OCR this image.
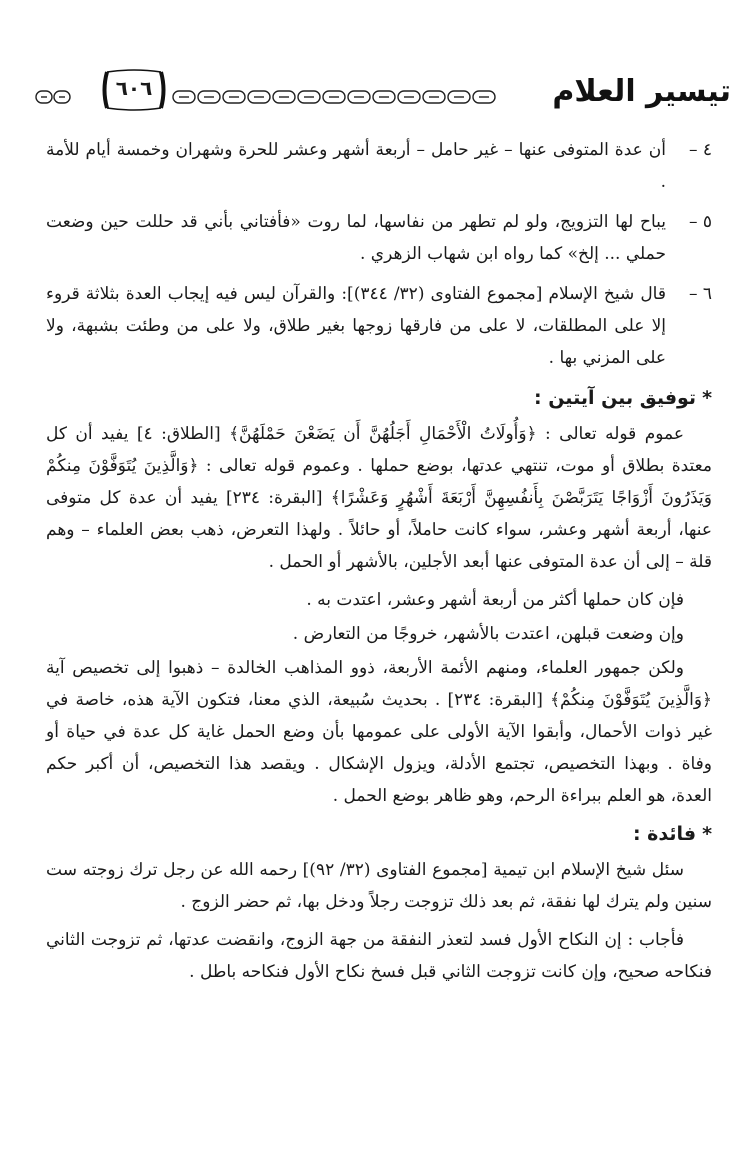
تيسير العلام
٦٠٦
٤ –
أن عدة المتوفى عنها – غير حامل – أربعة أشهر وعشر للحرة وشهران وخمسة أيام للأمة .
٥ –
يباح لها التزويج، ولو لم تطهر من نفاسها، لما روت «فأفتاني بأني قد حللت حين وضعت حملي ... إلخ» كما رواه ابن شهاب الزهري .
٦ –
قال شيخ الإسلام [مجموع الفتاوى (٣٢/ ٣٤٤)]: والقرآن ليس فيه إيجاب العدة بثلاثة قروء إلا على المطلقات، لا على من فارقها زوجها بغير طلاق، ولا على من وطئت بشبهة، ولا على المزني بها .
*توفيق بين آيتين :

عموم قوله تعالى : ﴿وَأُولَاتُ الْأَحْمَالِ أَجَلُهُنَّ أَن يَضَعْنَ حَمْلَهُنَّ﴾ [الطلاق: ٤] يفيد أن كل معتدة بطلاق أو موت، تنتهي عدتها، بوضع حملها . وعموم قوله تعالى : ﴿وَالَّذِينَ يُتَوَفَّوْنَ مِنكُمْ وَيَذَرُونَ أَزْوَاجًا يَتَرَبَّصْنَ بِأَنفُسِهِنَّ أَرْبَعَةَ أَشْهُرٍ وَعَشْرًا﴾ [البقرة: ٢٣٤] يفيد أن عدة كل متوفى عنها، أربعة أشهر وعشر، سواء كانت حاملاً، أو حائلاً . ولهذا التعرض، ذهب بعض العلماء – وهم قلة – إلى أن عدة المتوفى عنها أبعد الأجلين، بالأشهر أو الحمل .

فإن كان حملها أكثر من أربعة أشهر وعشر، اعتدت به .

وإن وضعت قبلهن، اعتدت بالأشهر، خروجًا من التعارض .

ولكن جمهور العلماء، ومنهم الأئمة الأربعة، ذوو المذاهب الخالدة – ذهبوا إلى تخصيص آية ﴿وَالَّذِينَ يُتَوَفَّوْنَ مِنكُمْ﴾ [البقرة: ٢٣٤] . بحديث سُبيعة، الذي معنا، فتكون الآية هذه، خاصة في غير ذوات الأحمال، وأبقوا الآية الأولى على عمومها بأن وضع الحمل غاية كل عدة في حياة أو وفاة . وبهذا التخصيص، تجتمع الأدلة، ويزول الإشكال . ويقصد هذا التخصيص، أن أكبر حكم العدة، هو العلم ببراءة الرحم، وهو ظاهر بوضع الحمل .

*فائدة :

سئل شيخ الإسلام ابن تيمية [مجموع الفتاوى (٣٢/ ٩٢)] رحمه الله عن رجل ترك زوجته ست سنين ولم يترك لها نفقة، ثم بعد ذلك تزوجت رجلاً ودخل بها، ثم حضر الزوج .

فأجاب : إن النكاح الأول فسد لتعذر النفقة من جهة الزوج، وانقضت عدتها، ثم تزوجت الثاني فنكاحه صحيح، وإن كانت تزوجت الثاني قبل فسخ نكاح الأول فنكاحه باطل .
